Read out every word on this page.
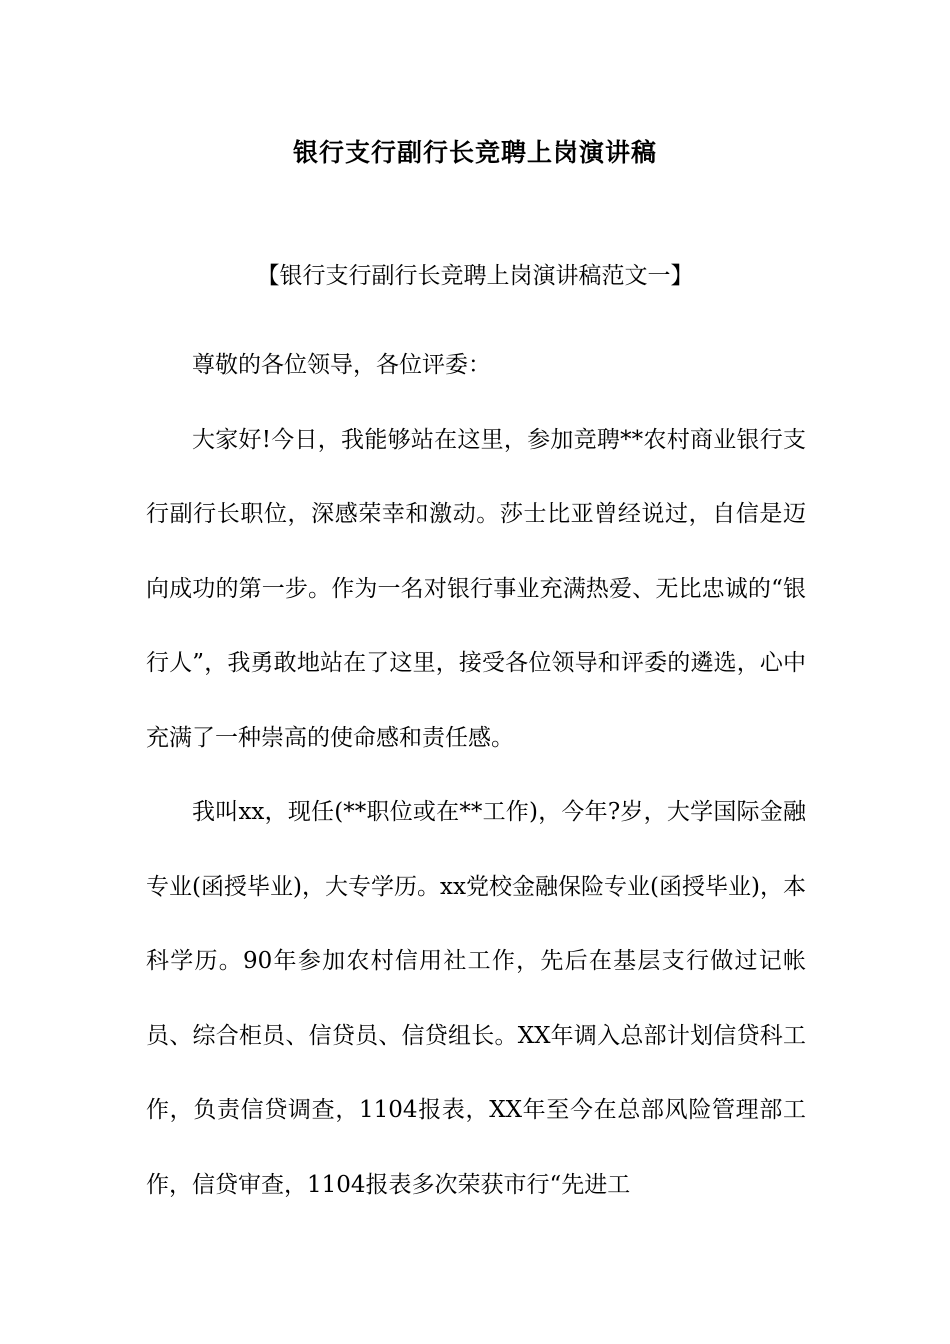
银行支行副行长竞聘上岗演讲稿
【银行支行副行长竞聘上岗演讲稿范文一】

尊敬的各位领导，各位评委：

大家好!今日，我能够站在这里，参加竞聘**农村商业银行支行副行长职位，深感荣幸和激动。莎士比亚曾经说过，自信是迈向成功的第一步。作为一名对银行事业充满热爱、无比忠诚的“银行人”，我勇敢地站在了这里，接受各位领导和评委的遴选，心中充满了一种崇高的使命感和责任感。

我叫xx，现任(**职位或在**工作)，今年?岁，大学国际金融专业(函授毕业)，大专学历。xx党校金融保险专业(函授毕业)，本科学历。90年参加农村信用社工作，先后在基层支行做过记帐员、综合柜员、信贷员、信贷组长。XX年调入总部计划信贷科工作，负责信贷调查，1104报表，XX年至今在总部风险管理部工作，信贷审查，1104报表多次荣获市行“先进工
